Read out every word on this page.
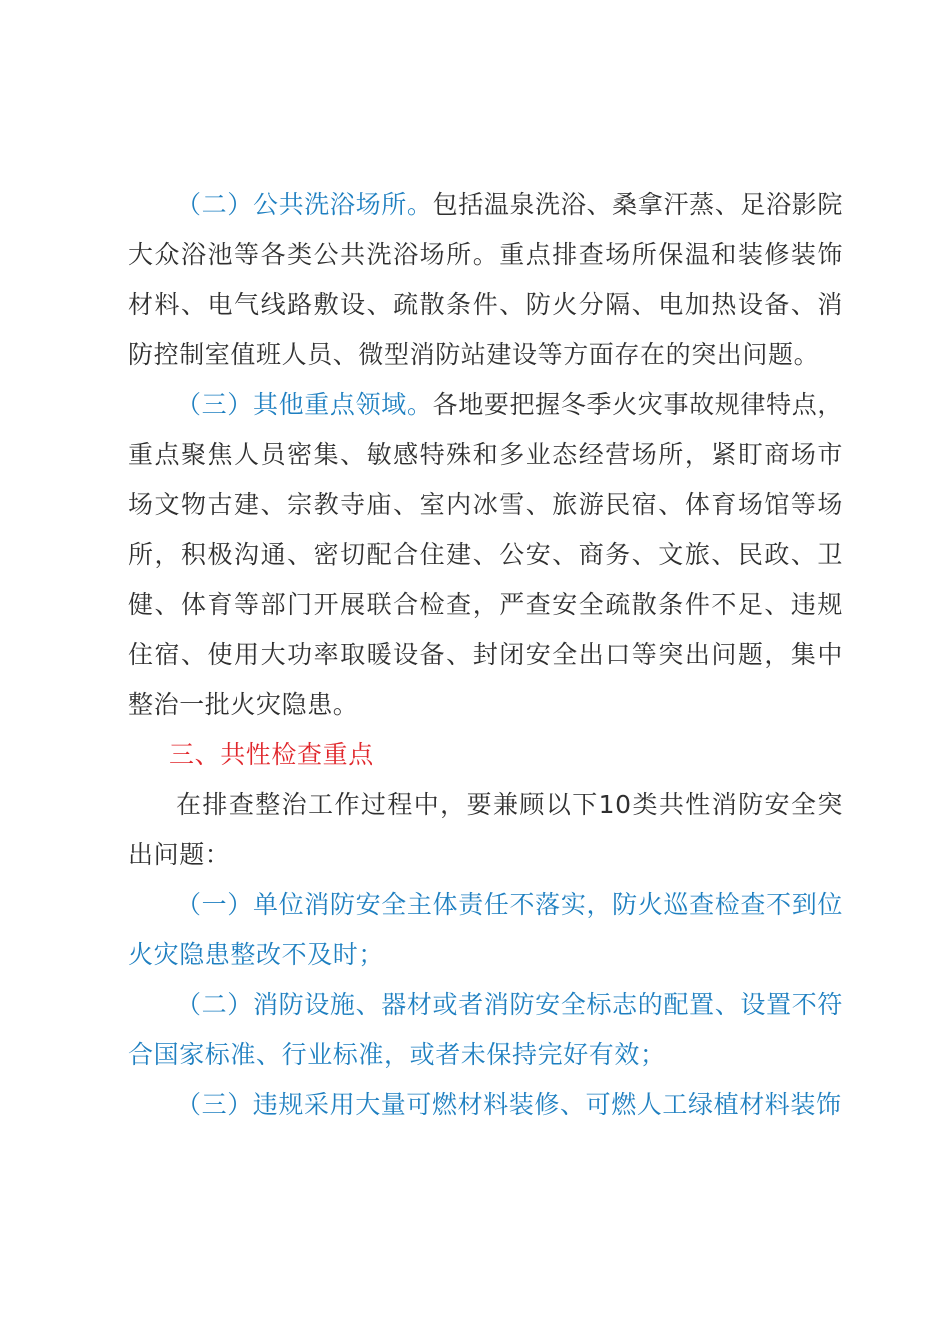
（二）公共洗浴场所。包括温泉洗浴、桑拿汗蒸、足浴影院大众浴池等各类公共洗浴场所。重点排查场所保温和装修装饰材料、电气线路敷设、疏散条件、防火分隔、电加热设备、消防控制室值班人员、微型消防站建设等方面存在的突出问题。

（三）其他重点领域。各地要把握冬季火灾事故规律特点，重点聚焦人员密集、敏感特殊和多业态经营场所，紧盯商场市场文物古建、宗教寺庙、室内冰雪、旅游民宿、体育场馆等场所，积极沟通、密切配合住建、公安、商务、文旅、民政、卫健、体育等部门开展联合检查，严查安全疏散条件不足、违规住宿、使用大功率取暖设备、封闭安全出口等突出问题，集中整治一批火灾隐患。

三、共性检查重点

在排查整治工作过程中，要兼顾以下10类共性消防安全突出问题：

（一）单位消防安全主体责任不落实，防火巡查检查不到位火灾隐患整改不及时；

（二）消防设施、器材或者消防安全标志的配置、设置不符合国家标准、行业标准，或者未保持完好有效；

（三）违规采用大量可燃材料装修、可燃人工绿植材料装饰
